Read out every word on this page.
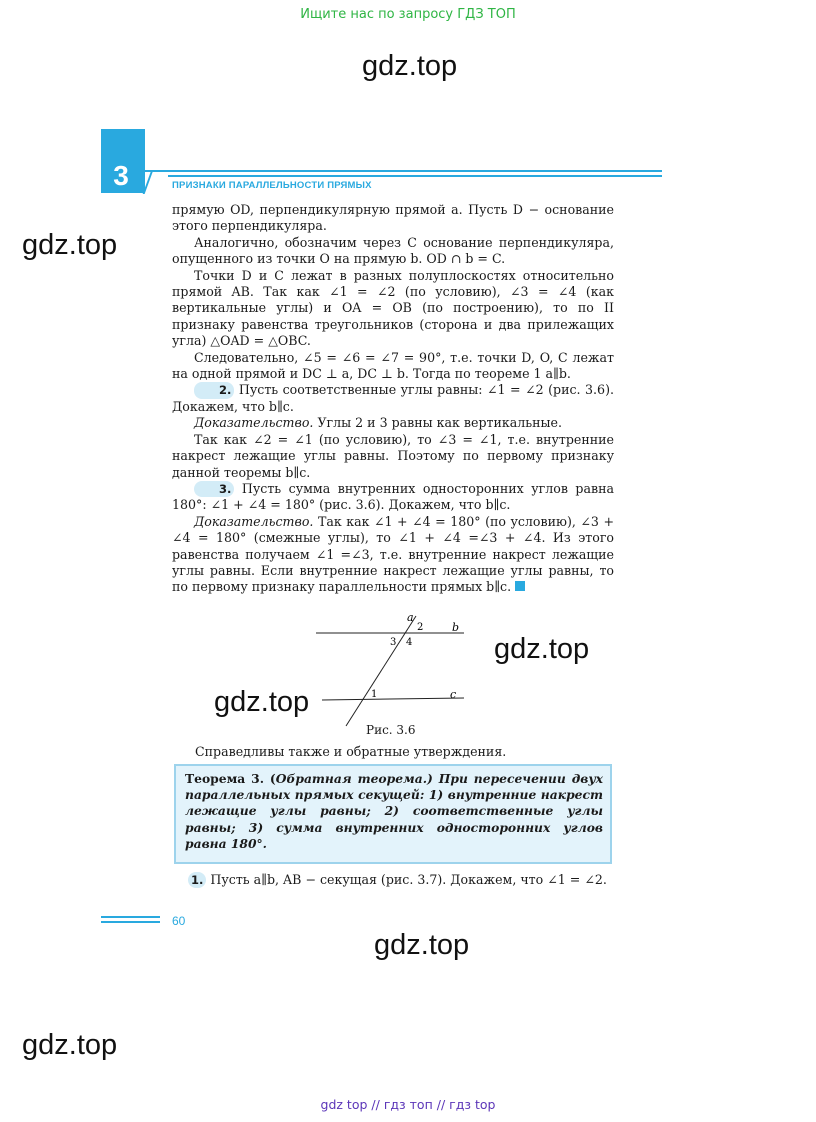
Ищите нас по запросу ГДЗ ТОП
gdz.top
gdz.top
gdz.top
gdz.top
gdz.top
gdz.top
3	ПРИЗНАКИ ПАРАЛЛЕЛЬНОСТИ ПРЯМЫХ

прямую OD, перпендикулярную прямой a. Пусть D − основание этого перпендикуляра.

Аналогично, обозначим через C основание перпендикуляра, опущенного из точки O на прямую b. OD ∩ b = C.

Точки D и C лежат в разных полуплоскостях относительно прямой AB. Так как ∠1 = ∠2 (по условию), ∠3 = ∠4 (как вертикальные углы) и OA = OB (по построению), то по II признаку равенства треугольников (сторона и два прилежащих угла) △OAD = △OBC.

Следовательно, ∠5 = ∠6 = ∠7 = 90°, т.е. точки D, O, C лежат на одной прямой и DC ⊥ a, DC ⊥ b. Тогда по теореме 1 a∥b.

2. Пусть соответственные углы равны: ∠1 = ∠2 (рис. 3.6). Докажем, что b∥c.

Доказательство. Углы 2 и 3 равны как вертикальные.

Так как ∠2 = ∠1 (по условию), то ∠3 = ∠1, т.е. внутренние накрест лежащие углы равны. Поэтому по первому признаку данной теоремы b∥c.

3. Пусть сумма внутренних односторонних углов равна 180°: ∠1 + ∠4 = 180° (рис. 3.6). Докажем, что b∥c.

Доказательство. Так как ∠1 + ∠4 = 180° (по условию), ∠3 + ∠4 = 180° (смежные углы), то ∠1 + ∠4 =∠3 + ∠4. Из этого равенства получаем ∠1 =∠3, т.е. внутренние накрест лежащие углы равны. Если внутренние накрест лежащие углы равны, то по первому признаку параллельности прямых b∥c.

a
b
c
1
2
3 4
Рис. 3.6
Справедливы также и обратные утверждения.
Теорема 3. (Обратная теорема.) При пересечении двух параллельных прямых секущей: 1) внутренние накрест лежащие углы равны; 2) соответственные углы равны; 3) сумма внутренних односторонних углов равна 180°.
1. Пусть a∥b, AB − секущая (рис. 3.7). Докажем, что ∠1 = ∠2.
60
gdz top // гдз топ // гдз top
